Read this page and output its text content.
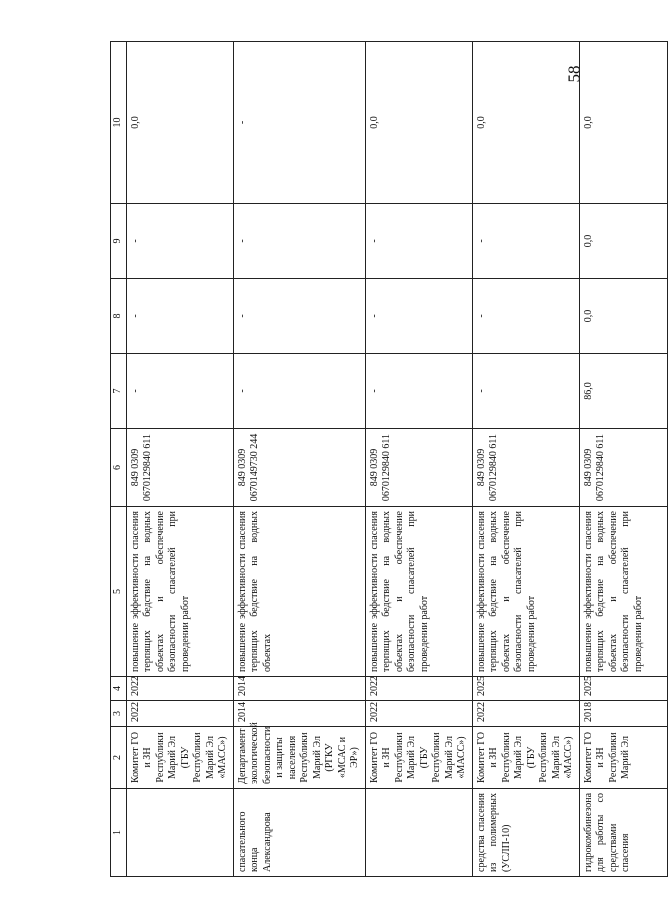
58
1	2	3	4	5	6	7	8	9	10
	Комитет ГО и ЗН Республики Марий Эл (ГБУ Республики Марий Эл «МАСС»)	2022	2022	повышение эффективности спасения терпящих бедствие на водных объектах и обеспечение безопасности спасателей при проведении работ	849 0309 0670129840 611	-	-	-	0,0
спасательного конца Александрова	Департамент экологической безопасности и защиты населения Республики Марий Эл (РГКУ «МСАС и ЭР»)	2014	2014	повышение эффективности спасения терпящих бедствие на водных объектах	849 0309 0670149730 244	-	-	-	-
	Комитет ГО и ЗН Республики Марий Эл (ГБУ Республики Марий Эл «МАСС»)	2022	2022	повышение эффективности спасения терпящих бедствие на водных объектах и обеспечение безопасности спасателей при проведении работ	849 0309 0670129840 611	-	-	-	0,0
средства спасения из полимерных (УСЛП-10)	Комитет ГО и ЗН Республики Марий Эл (ГБУ Республики Марий Эл «МАСС»)	2022	2025	повышение эффективности спасения терпящих бедствие на водных объектах и обеспечение безопасности спасателей при проведении работ	849 0309 0670129840 611	-	-	-	0,0
гидрокомбинезона для работы со средствами спасения	Комитет ГО и ЗН Республики Марий Эл	2018	2025	повышение эффективности спасения терпящих бедствие на водных объектах и обеспечение безопасности спасателей при проведении работ	849 0309 0670129840 611	86,0	0,0	0,0	0,0
